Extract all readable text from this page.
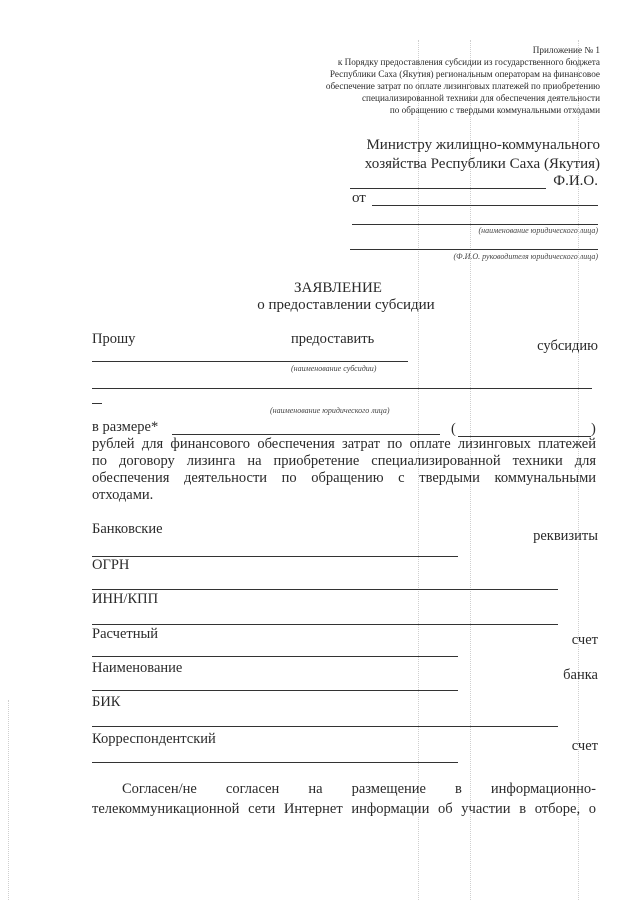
Приложение № 1
к Порядку предоставления субсидии из государственного бюджета
Республики Саха (Якутия) региональным операторам на финансовое
обеспечение затрат по оплате лизинговых платежей по приобретению
специализированной техники для обеспечения деятельности
по обращению с твердыми коммунальными отходами
Министру жилищно-коммунального
хозяйства Республики Саха (Якутия)
Ф.И.О.
от
(наименование юридического лица)
(Ф.И.О. руководителя юридического лица)
ЗАЯВЛЕНИЕ
о предоставлении субсидии
Прошу	предоставить	субсидию
(наименование субсидии)
(наименование юридического лица)
в размере*	(	)
рублей для финансового обеспечения затрат по оплате лизинговых платежей
по договору лизинга на приобретение специализированной техники для
обеспечения деятельности по обращению с твердыми коммунальными
отходами.
Банковские	реквизиты
ОГРН
ИНН/КПП
Расчетный	счет
Наименование	банка
БИК
Корреспондентский	счет
Согласен/не согласен на размещение в информационно-
телекоммуникационной сети Интернет информации об участии в отборе, о
